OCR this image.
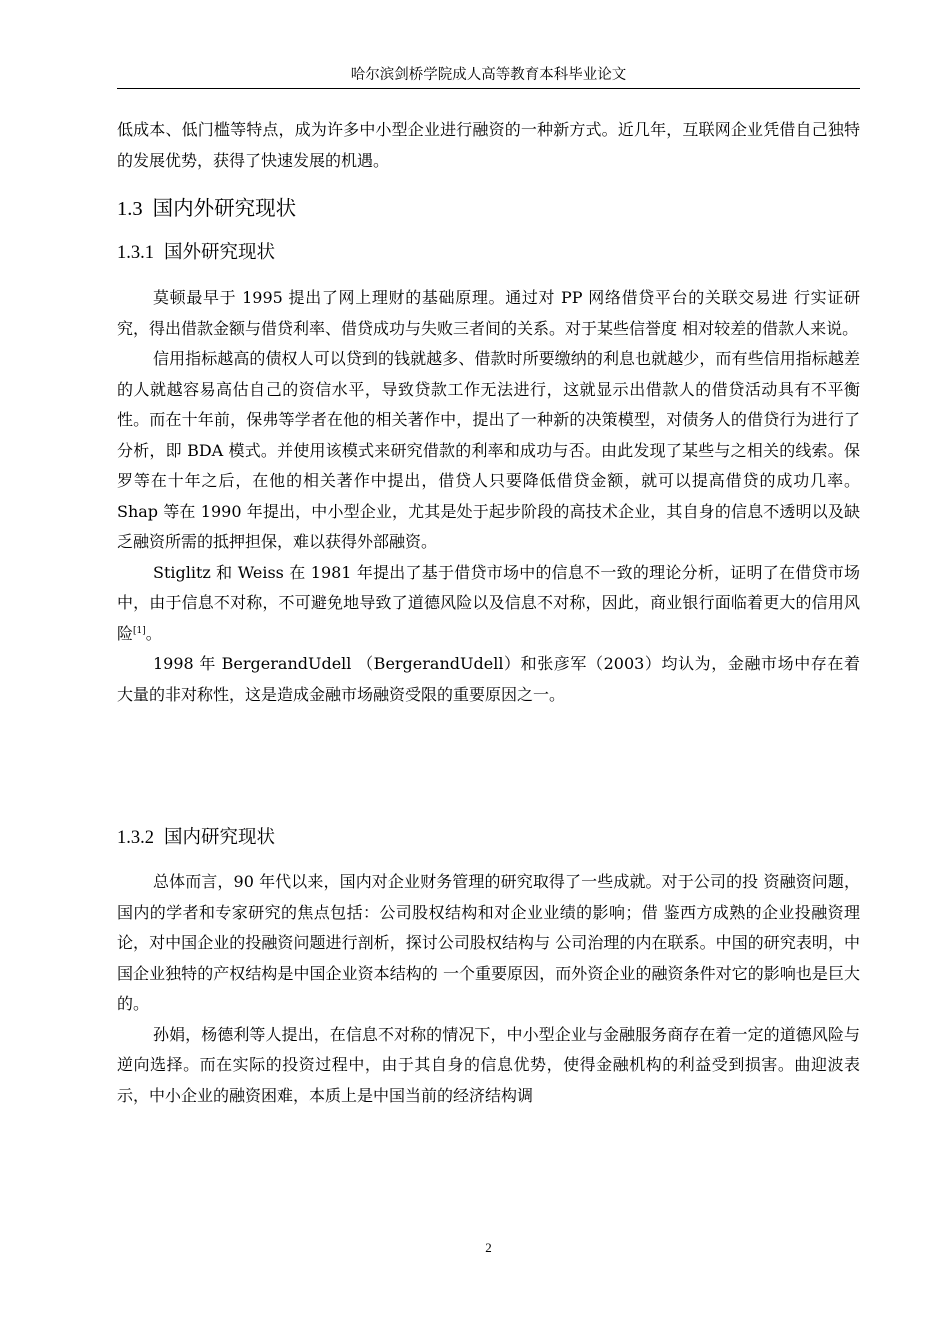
哈尔滨剑桥学院成人高等教育本科毕业论文

低成本、低门槛等特点，成为许多中小型企业进行融资的一种新方式。近几年，互联网企业凭借自己独特的发展优势，获得了快速发展的机遇。

1.3 国内外研究现状
1.3.1 国外研究现状

莫顿最早于 1995 提出了网上理财的基础原理。通过对 PP 网络借贷平台的关联交易进 行实证研究，得出借款金额与借贷利率、借贷成功与失败三者间的关系。对于某些信誉度 相对较差的借款人来说。

信用指标越高的债权人可以贷到的钱就越多、借款时所要缴纳的利息也就越少，而有些信用指标越差的人就越容易高估自己的资信水平，导致贷款工作无法进行，这就显示出借款人的借贷活动具有不平衡性。而在十年前，保弗等学者在他的相关著作中，提出了一种新的决策模型，对债务人的借贷行为进行了分析，即 BDA 模式。并使用该模式来研究借款的利率和成功与否。由此发现了某些与之相关的线索。保罗等在十年之后，在他的相关著作中提出，借贷人只要降低借贷金额，就可以提高借贷的成功几率。Shap 等在 1990 年提出，中小型企业，尤其是处于起步阶段的高技术企业，其自身的信息不透明以及缺乏融资所需的抵押担保，难以获得外部融资。

Stiglitz 和 Weiss 在 1981 年提出了基于借贷市场中的信息不一致的理论分析，证明了在借贷市场中，由于信息不对称，不可避免地导致了道德风险以及信息不对称，因此，商业银行面临着更大的信用风险[1]。

1998 年 BergerandUdell （BergerandUdell）和张彦军（2003）均认为，金融市场中存在着大量的非对称性，这是造成金融市场融资受限的重要原因之一。

1.3.2 国内研究现状

总体而言，90 年代以来，国内对企业财务管理的研究取得了一些成就。对于公司的投 资融资问题，国内的学者和专家研究的焦点包括：公司股权结构和对企业业绩的影响；借 鉴西方成熟的企业投融资理论，对中国企业的投融资问题进行剖析，探讨公司股权结构与 公司治理的内在联系。中国的研究表明，中国企业独特的产权结构是中国企业资本结构的 一个重要原因，而外资企业的融资条件对它的影响也是巨大的。

孙娟，杨德利等人提出，在信息不对称的情况下，中小型企业与金融服务商存在着一定的道德风险与逆向选择。而在实际的投资过程中，由于其自身的信息优势，使得金融机构的利益受到损害。曲迎波表示，中小企业的融资困难，本质上是中国当前的经济结构调

2
